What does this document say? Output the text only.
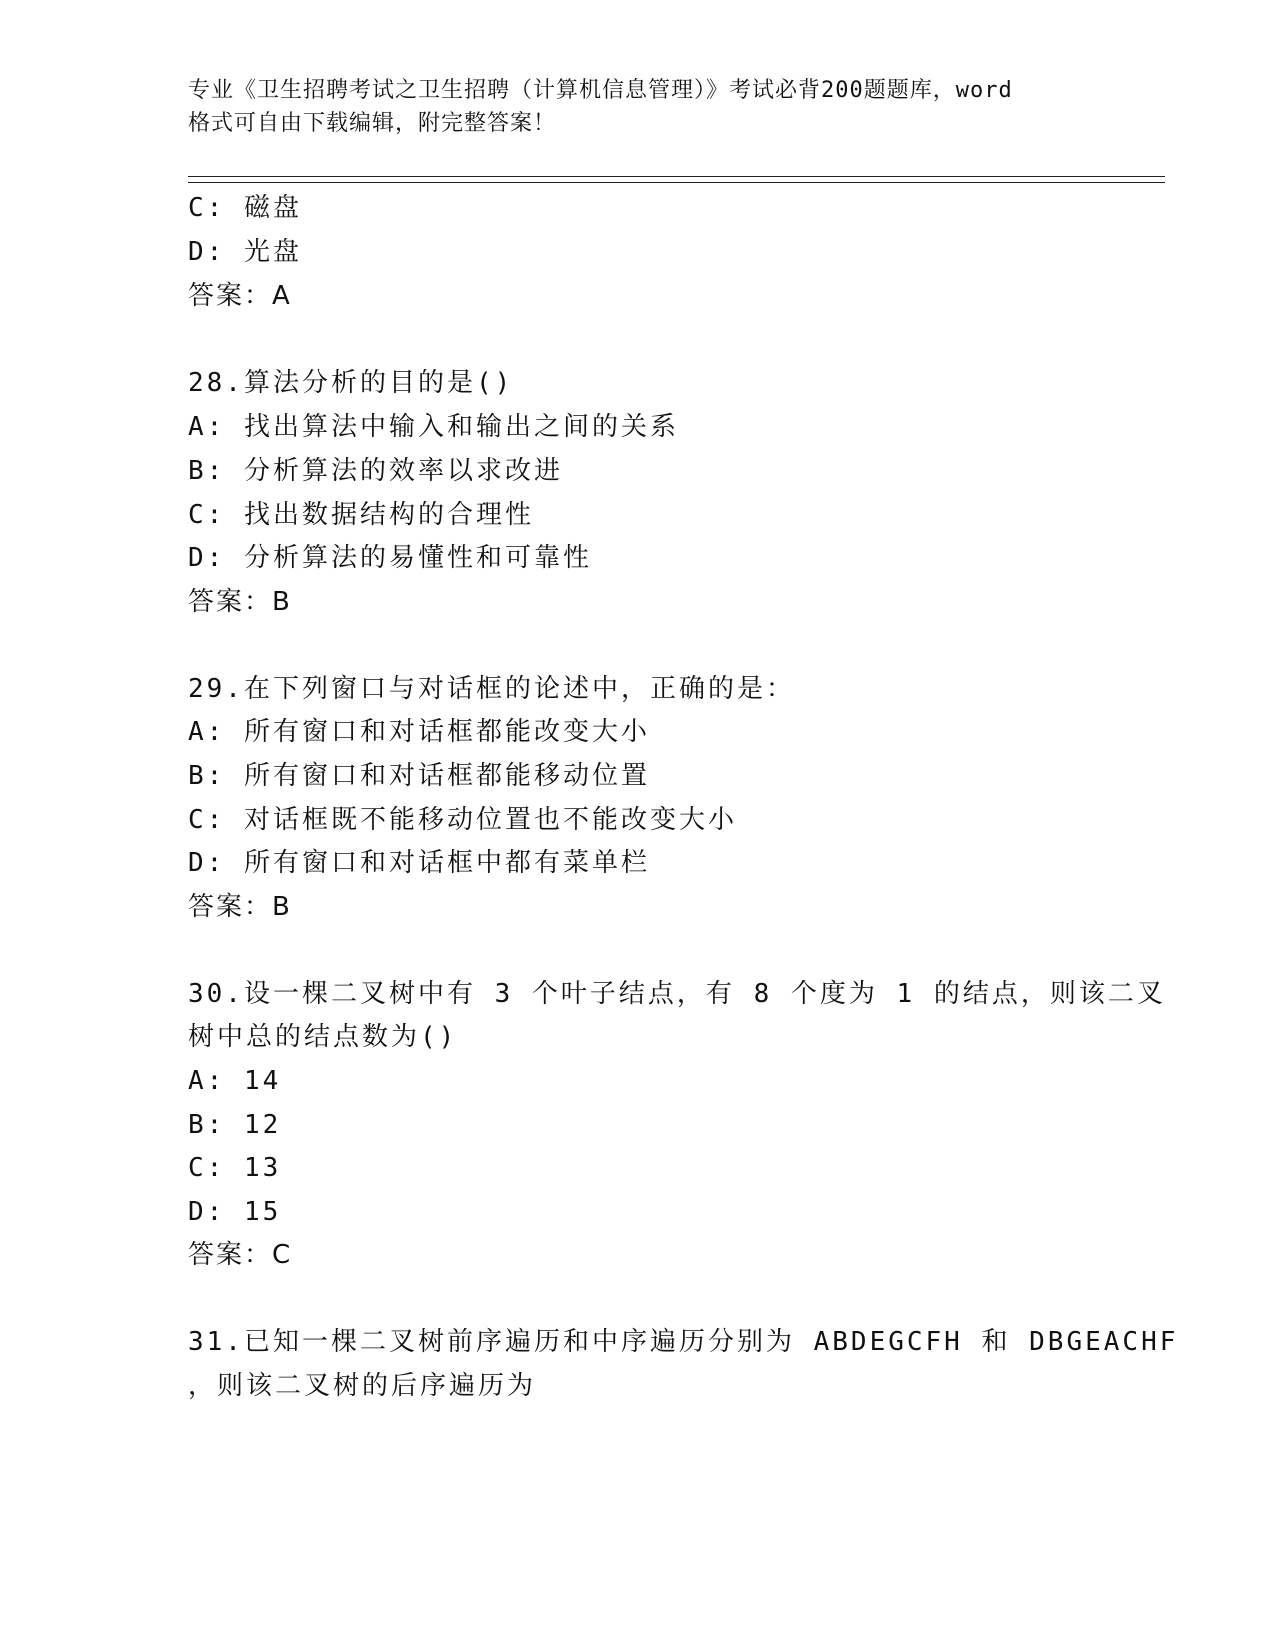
专业《卫生招聘考试之卫生招聘（计算机信息管理）》考试必背200题题库，word
格式可自由下载编辑，附完整答案！
C: 磁盘
D: 光盘
答案：A
28.算法分析的目的是()
A: 找出算法中输入和输出之间的关系
B: 分析算法的效率以求改进
C: 找出数据结构的合理性
D: 分析算法的易懂性和可靠性
答案：B
29.在下列窗口与对话框的论述中，正确的是：
A: 所有窗口和对话框都能改变大小
B: 所有窗口和对话框都能移动位置
C: 对话框既不能移动位置也不能改变大小
D: 所有窗口和对话框中都有菜单栏
答案：B
30.设一棵二叉树中有 3 个叶子结点，有 8 个度为 1 的结点，则该二叉
树中总的结点数为()
A: 14
B: 12
C: 13
D: 15
答案：C
31.已知一棵二叉树前序遍历和中序遍历分别为 ABDEGCFH 和 DBGEACHF
，则该二叉树的后序遍历为
